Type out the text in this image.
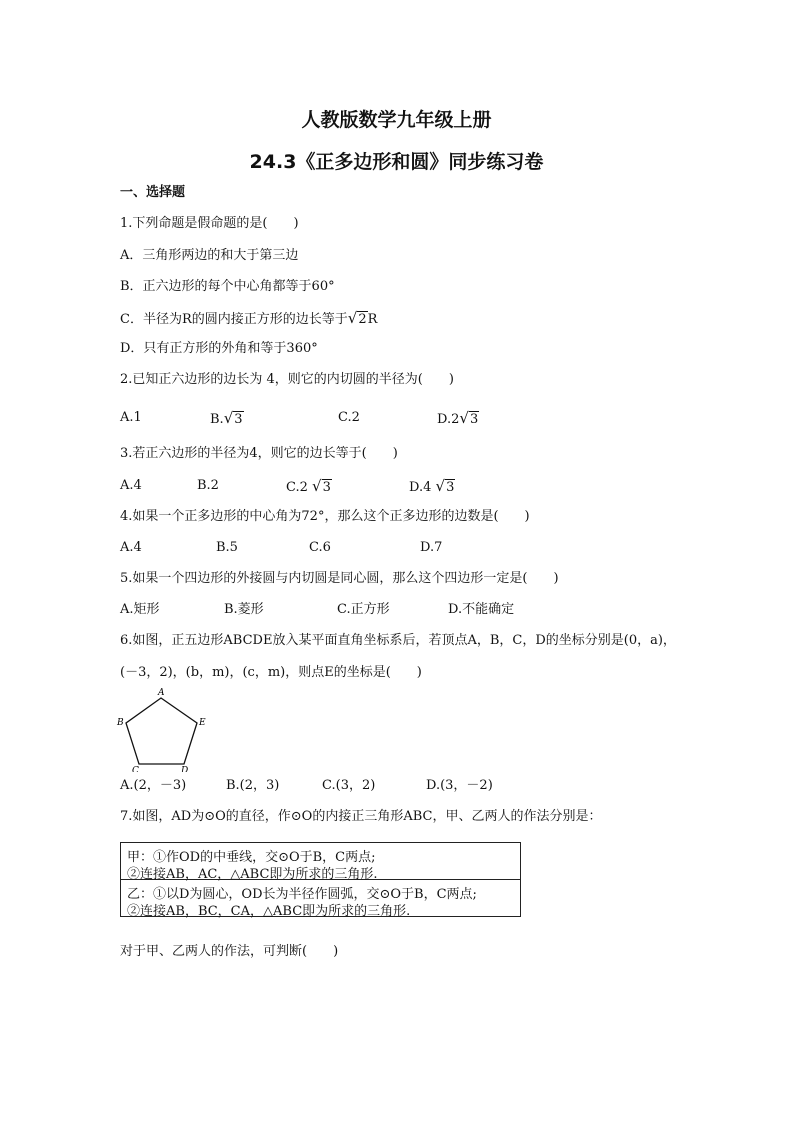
人教版数学九年级上册
24.3《正多边形和圆》同步练习卷
一、选择题
1.下列命题是假命题的是(　　)
A．三角形两边的和大于第三边
B．正六边形的每个中心角都等于60°
C．半径为R的圆内接正方形的边长等于√2R
D．只有正方形的外角和等于360°
2.已知正六边形的边长为 4，则它的内切圆的半径为(　　)
A.1	B.√3	C.2	D.2√3
3.若正六边形的半径为4，则它的边长等于(　　)
A.4	B.2	C.2 √3	D.4 √3
4.如果一个正多边形的中心角为72°，那么这个正多边形的边数是(　　)
A.4	B.5	C.6	D.7
5.如果一个四边形的外接圆与内切圆是同心圆，那么这个四边形一定是(　　)
A.矩形	B.菱形	C.正方形	D.不能确定
6.如图，正五边形ABCDE放入某平面直角坐标系后，若顶点A，B，C，D的坐标分别是(0，a)，
(－3，2)，(b，m)，(c，m)，则点E的坐标是(　　)
A
B
C	D
E
A.(2，－3)	B.(2，3)	C.(3，2)	D.(3，－2)
7.如图，AD为⊙O的直径，作⊙O的内接正三角形ABC，甲、乙两人的作法分别是：
甲：①作OD的中垂线，交⊙O于B，C两点;
②连接AB，AC，△ABC即为所求的三角形.
乙：①以D为圆心，OD长为半径作圆弧，交⊙O于B，C两点;
②连接AB，BC，CA，△ABC即为所求的三角形.
对于甲、乙两人的作法，可判断(　　)
